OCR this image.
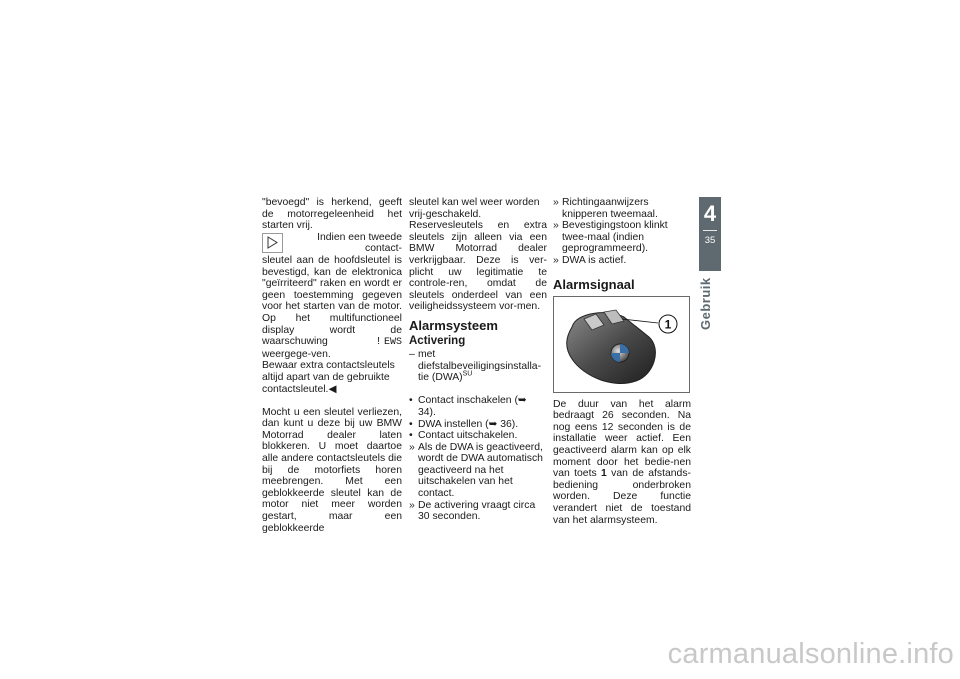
"bevoegd" is herkend, geeft de motorregeleenheid het starten vrij.

Indien een tweede contact-

sleutel aan de hoofdsleutel is bevestigd, kan de elektronica "geïrriteerd" raken en wordt er geen toestemming gegeven voor het starten van de motor. Op het multifunctioneel display wordt de waarschuwing	! EWS weergege-ven.

Bewaar extra contactsleutels altijd apart van de gebruikte contactsleutel.◀

Mocht u een sleutel verliezen, dan kunt u deze bij uw BMW Motorrad dealer laten blokkeren. U moet daartoe alle andere contactsleutels die bij de motorfiets horen meebrengen. Met een geblokkeerde sleutel kan de motor niet meer worden gestart, maar een geblokkeerde

sleutel kan wel weer worden vrij-geschakeld.

Reservesleutels en extra sleutels zijn alleen via een BMW Motorrad dealer verkrijgbaar. Deze is ver-plicht uw legitimatie te controle-ren, omdat de sleutels onderdeel van een veiligheidssysteem vor-men.

Alarmsysteem
Activering
– met diefstalbeveiligingsinstalla-tie (DWA)$^{SU}$
• Contact inschakelen (➥ 34).
• DWA instellen (➥ 36).
• Contact uitschakelen.
» Als de DWA is geactiveerd, wordt de DWA automatisch geactiveerd na het uitschakelen van het contact.
» De activering vraagt circa 30 seconden.
» Richtingaanwijzers knipperen tweemaal.
» Bevestigingstoon klinkt twee-maal (indien geprogrammeerd).
» DWA is actief.
Alarmsignaal
1

De duur van het alarm bedraagt 26 seconden. Na nog eens 12 seconden is de installatie weer actief. Een geactiveerd alarm kan op elk moment door het bedie-nen van toets 1 van de afstands-bediening onderbroken worden. Deze functie verandert niet de toestand van het alarmsysteem.

4
35
Gebruik
carmanualsonline.info
